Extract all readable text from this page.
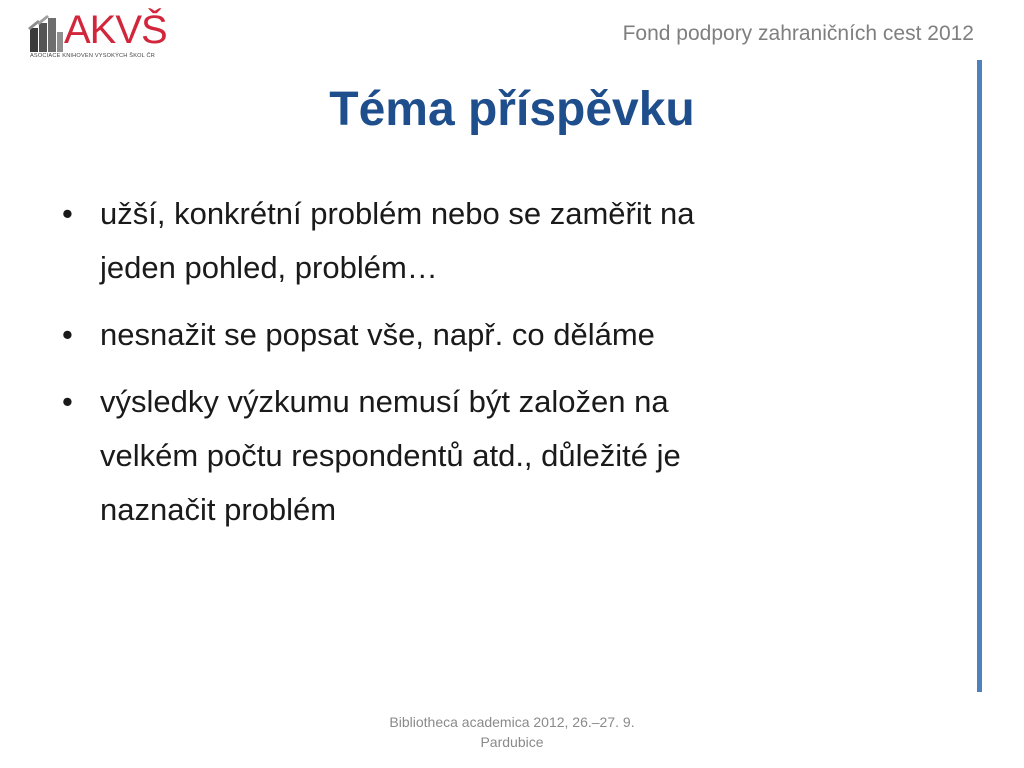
AKVŠ
ASOCIACE KNIHOVEN VYSOKÝCH ŠKOL ČR
Fond podpory zahraničních cest 2012
Téma příspěvku
• užší, konkrétní problém nebo se zaměřit na
jeden pohled, problém…
• nesnažit se popsat vše, např. co děláme
• výsledky výzkumu nemusí být založen na
velkém počtu respondentů atd., důležité je
naznačit problém
Bibliotheca academica 2012, 26.–27. 9.
Pardubice
